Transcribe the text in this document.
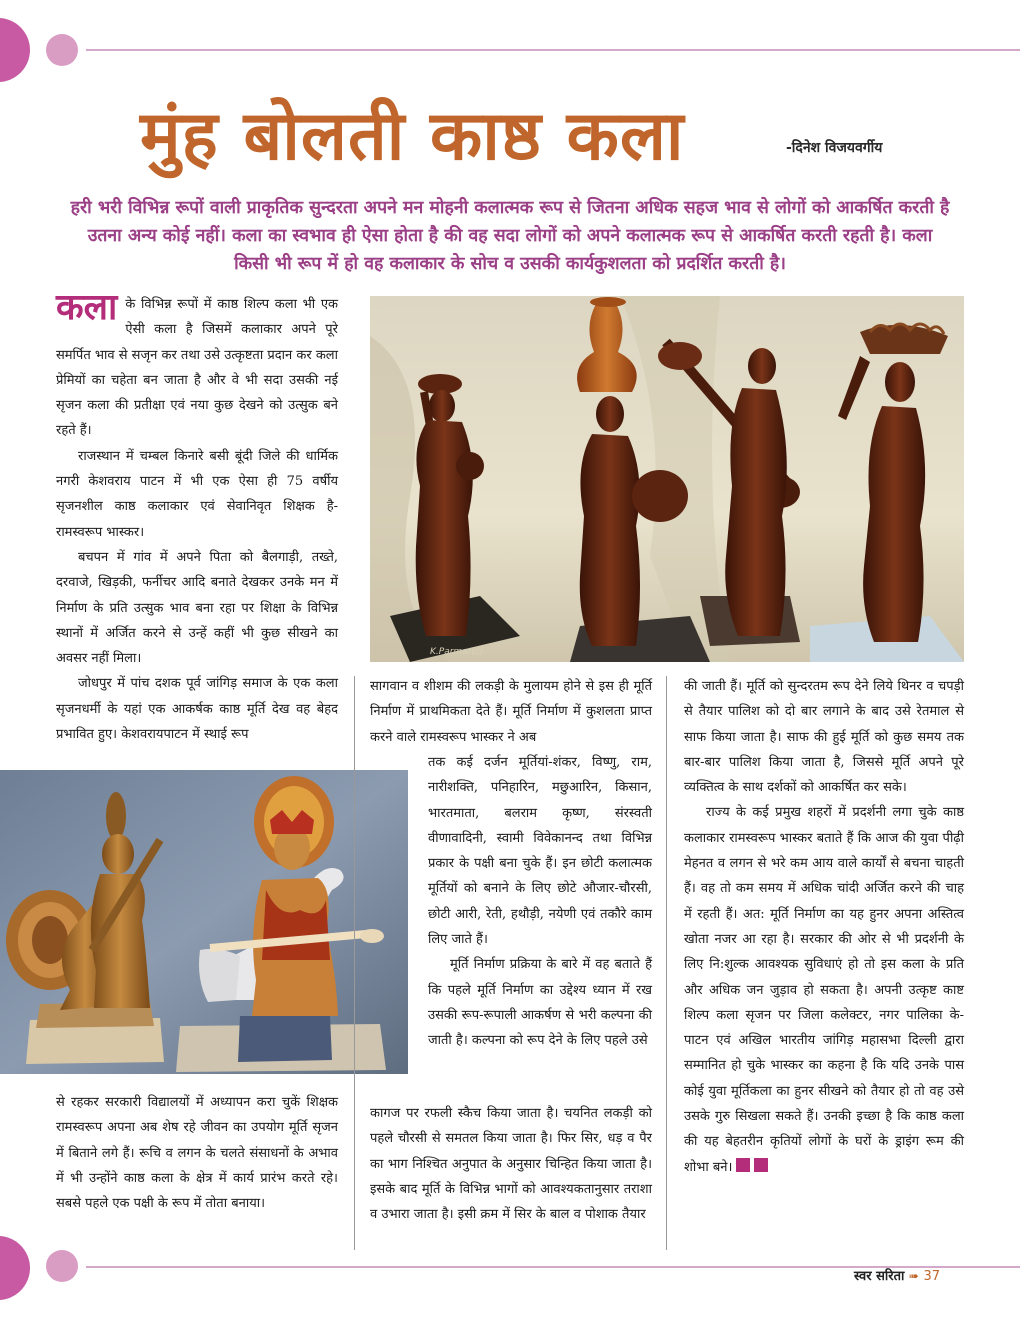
मुंह बोलती काष्ठ कला	-दिनेश विजयवर्गीय
हरी भरी विभिन्न रूपों वाली प्राकृतिक सुन्दरता अपने मन मोहनी कलात्मक रूप से जितना अधिक सहज भाव से लोगों को आकर्षित करती है उतना अन्य कोई नहीं। कला का स्वभाव ही ऐसा होता है की वह सदा लोगों को अपने कलात्मक रूप से आकर्षित करती रहती है। कला किसी भी रूप में हो वह कलाकार के सोच व उसकी कार्यकुशलता को प्रदर्शित करती है।

कला के विभिन्न रूपों में काष्ठ शिल्प कला भी एक ऐसी कला है जिसमें कलाकार अपने पूरे समर्पित भाव से सजृन कर तथा उसे उत्कृष्टता प्रदान कर कला प्रेमियों का चहेता बन जाता है और वे भी सदा उसकी नई सृजन कला की प्रतीक्षा एवं नया कुछ देखने को उत्सुक बने रहते हैं।

राजस्थान में चम्बल किनारे बसी बूंदी जिले की धार्मिक नगरी केशवराय पाटन में भी एक ऐसा ही 75 वर्षीय सृजनशील काष्ठ कलाकार एवं सेवानिवृत शिक्षक है- रामस्वरूप भास्कर।

बचपन में गांव में अपने पिता को बैलगाड़ी, तख्ते, दरवाजे, खिड़की, फर्नीचर आदि बनाते देखकर उनके मन में निर्माण के प्रति उत्सुक भाव बना रहा पर शिक्षा के विभिन्न स्थानों में अर्जित करने से उन्हें कहीं भी कुछ सीखने का अवसर नहीं मिला।

जोधपुर में पांच दशक पूर्व जांगिड़ समाज के एक कला सृजनधर्मी के यहां एक आकर्षक काष्ठ मूर्ति देख वह बेहद प्रभावित हुए। केशवरायपाटन में स्थाई रूप

K.Parmar(c)

से रहकर सरकारी विद्यालयों में अध्यापन करा चुकें शिक्षक रामस्वरूप अपना अब शेष रहे जीवन का उपयोग मूर्ति सृजन में बिताने लगे हैं। रूचि व लगन के चलते संसाधनों के अभाव में भी उन्होंने काष्ठ कला के क्षेत्र में कार्य प्रारंभ करते रहे। सबसे पहले एक पक्षी के रूप में तोता बनाया।

सागवान व शीशम की लकड़ी के मुलायम होने से इस ही मूर्ति निर्माण में प्राथमिकता देते हैं। मूर्ति निर्माण में कुशलता प्राप्त करने वाले रामस्वरूप भास्कर ने अब

तक कई दर्जन मूर्तियां-शंकर, विष्णु, राम, नारीशक्ति, पनिहारिन, मछुआरिन, किसान, भारतमाता, बलराम कृष्ण, संरस्वती वीणावादिनी, स्वामी विवेकानन्द तथा विभिन्न प्रकार के पक्षी बना चुके हैं। इन छोटी कलात्मक मूर्तियों को बनाने के लिए छोटे औजार-चौरसी, छोटी आरी, रेती, हथौड़ी, नयेणी एवं तकौरे काम लिए जाते हैं।

मूर्ति निर्माण प्रक्रिया के बारे में वह बताते हैं कि पहले मूर्ति निर्माण का उद्देश्य ध्यान में रख उसकी रूप-रूपाली आकर्षण से भरी कल्पना की जाती है। कल्पना को रूप देने के लिए पहले उसे

कागज पर रफली स्कैच किया जाता है। चयनित लकड़ी को पहले चौरसी से समतल किया जाता है। फिर सिर, धड़ व पैर का भाग निश्चित अनुपात के अनुसार चिन्हित किया जाता है। इसके बाद मूर्ति के विभिन्न भागों को आवश्यकतानुसार तराशा व उभारा जाता है। इसी क्रम में सिर के बाल व पोशाक तैयार

की जाती हैं। मूर्ति को सुन्दरतम रूप देने लिये थिनर व चपड़ी से तैयार पालिश को दो बार लगाने के बाद उसे रेतमाल से साफ किया जाता है। साफ की हुई मूर्ति को कुछ समय तक बार-बार पालिश किया जाता है, जिससे मूर्ति अपने पूरे व्यक्तित्व के साथ दर्शकों को आकर्षित कर सके।

राज्य के कई प्रमुख शहरों में प्रदर्शनी लगा चुके काष्ठ कलाकार रामस्वरूप भास्कर बताते हैं कि आज की युवा पीढ़ी मेहनत व लगन से भरे कम आय वाले कार्यों से बचना चाहती हैं। वह तो कम समय में अधिक चांदी अर्जित करने की चाह में रहती हैं। अत: मूर्ति निर्माण का यह हुनर अपना अस्तित्व खोता नजर आ रहा है। सरकार की ओर से भी प्रदर्शनी के लिए नि:शुल्क आवश्यक सुविधाएं हो तो इस कला के प्रति और अधिक जन जुड़ाव हो सकता है। अपनी उत्कृष्ट काष्ट शिल्प कला सृजन पर जिला कलेक्टर, नगर पालिका के- पाटन एवं अखिल भारतीय जांगिड़ महासभा दिल्ली द्वारा सम्मानित हो चुके भास्कर का कहना है कि यदि उनके पास कोई युवा मूर्तिकला का हुनर सीखने को तैयार हो तो वह उसे उसके गुरु सिखला सकते हैं। उनकी इच्छा है कि काष्ठ कला की यह बेहतरीन कृतियों लोगों के घरों के ड्राइंग रूम की शोभा बने।

स्वर सरिता ➠ 37
